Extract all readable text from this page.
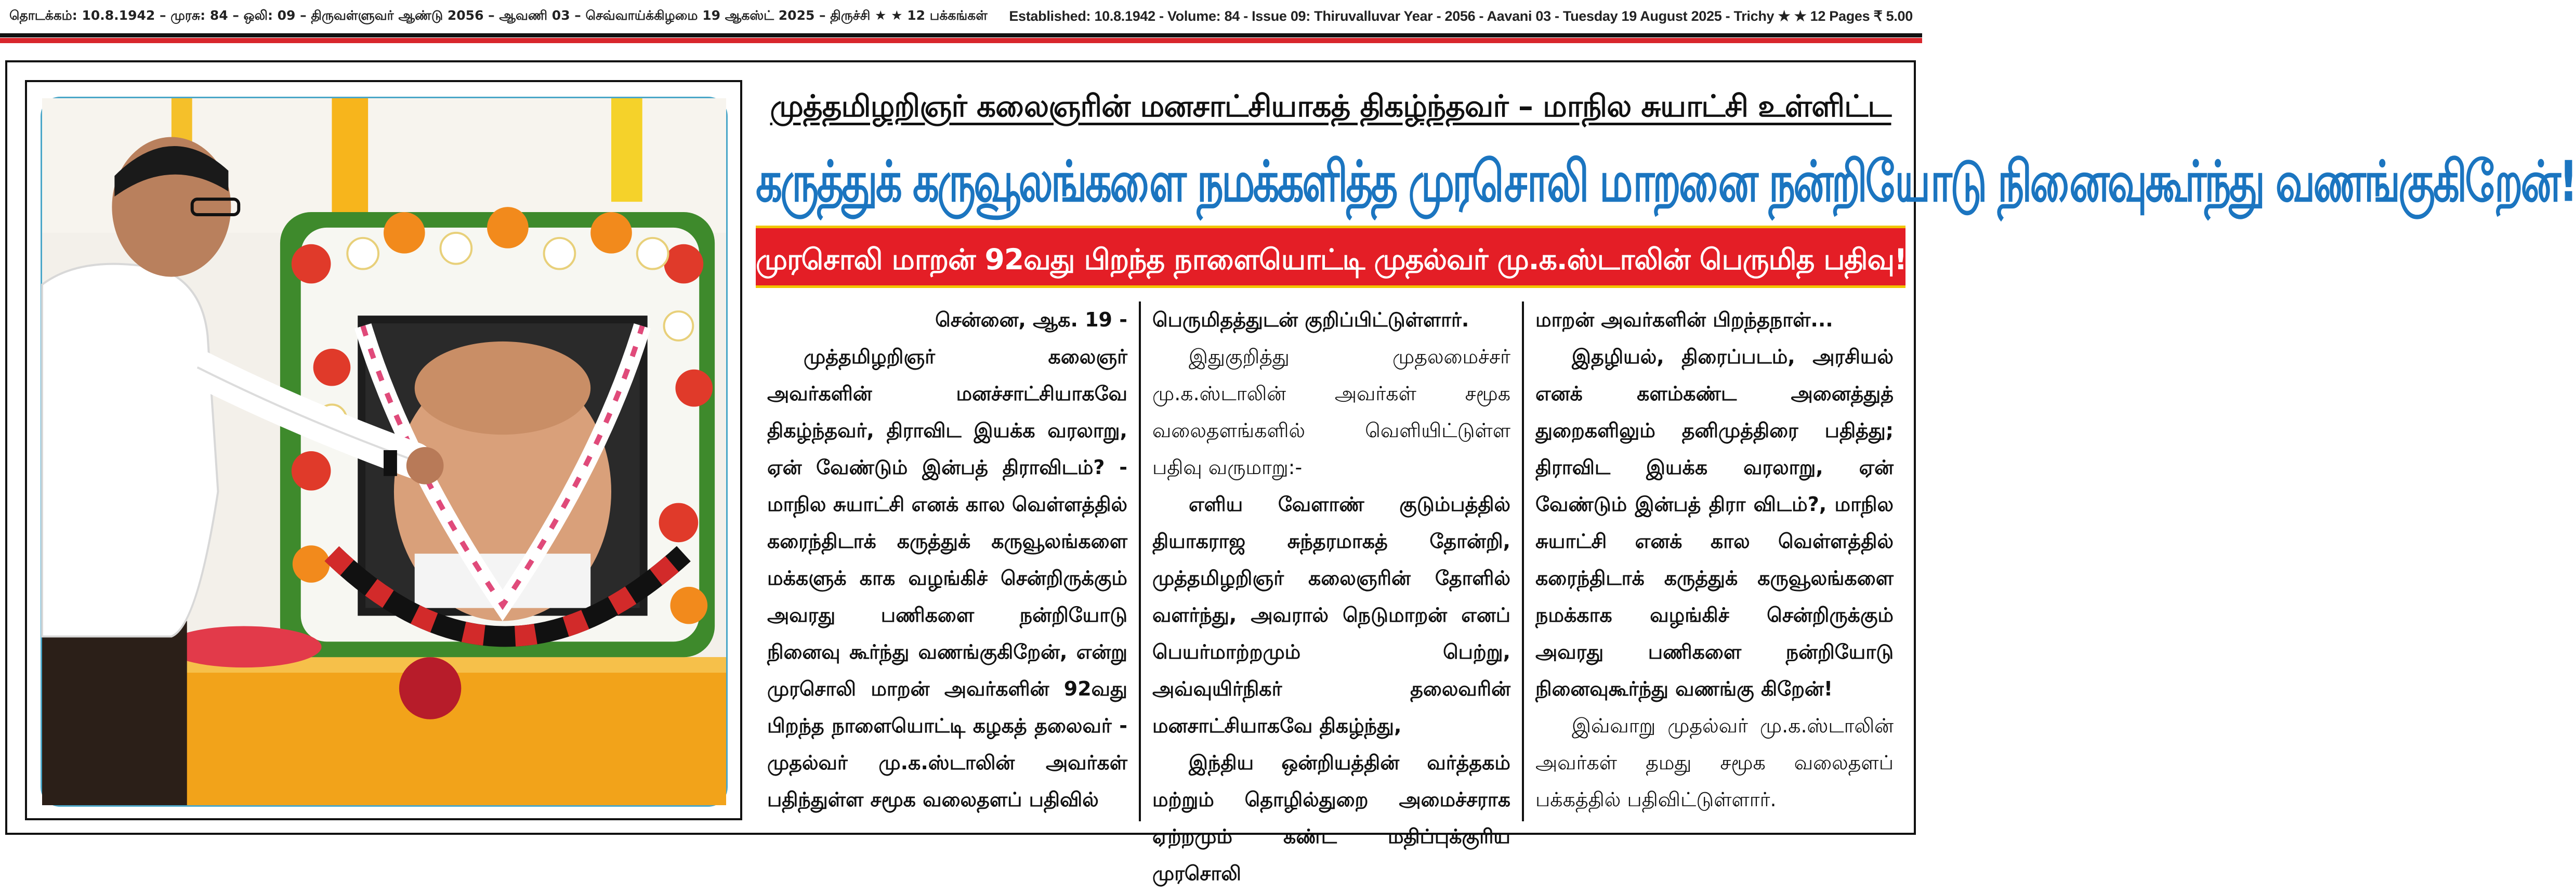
தொடக்கம்: 10.8.1942 – முரசு: 84 – ஒலி: 09 – திருவள்ளுவர் ஆண்டு 2056 – ஆவணி 03 – செவ்வாய்க்கிழமை 19 ஆகஸ்ட் 2025 – திருச்சி ★ ★ 12 பக்கங்கள் Established: 10.8.1942 - Volume: 84 - Issue 09: Thiruvalluvar Year - 2056 - Aavani 03 - Tuesday 19 August 2025 - Trichy ★ ★ 12 Pages ₹ 5.00
முத்தமிழறிஞர் கலைஞரின் மனசாட்சியாகத் திகழ்ந்தவர் – மாநில சுயாட்சி உள்ளிட்ட
கருத்துக் கருவூலங்களை நமக்களித்த முரசொலி மாறனை நன்றியோடு நினைவுகூர்ந்து வணங்குகிறேன்!
முரசொலி மாறன் 92வது பிறந்த நாளையொட்டி முதல்வர் மு.க.ஸ்டாலின் பெருமித பதிவு!

சென்னை, ஆக. 19 -

முத்தமிழறிஞர் கலைஞர் அவர்களின் மனச்சாட்சியாகவே திகழ்ந்தவர், திராவிட இயக்க வரலாறு, ஏன் வேண்டும் இன்பத் திராவிடம்? - மாநில சுயாட்சி எனக் கால வெள்ளத்தில் கரைந்திடாக் கருத்துக் கருவூலங்களை மக்களுக் காக வழங்கிச் சென்றிருக்கும் அவரது பணிகளை நன்றியோடு நினைவு கூர்ந்து வணங்குகிறேன், என்று முரசொலி மாறன் அவர்களின் 92வது பிறந்த நாளையொட்டி கழகத் தலைவர் - முதல்வர் மு.க.ஸ்டாலின் அவர்கள் பதிந்துள்ள சமூக வலைதளப் பதிவில்

பெருமிதத்துடன் குறிப்பிட்டுள்ளார்.

இதுகுறித்து முதலமைச்சர் மு.க.ஸ்டாலின் அவர்கள் சமூக வலைதளங்களில் வெளியிட்டுள்ள பதிவு வருமாறு:-

எளிய வேளாண் குடும்பத்தில் தியாகராஜ சுந்தரமாகத் தோன்றி, முத்தமிழறிஞர் கலைஞரின் தோளில் வளர்ந்து, அவரால் நெடுமாறன் எனப் பெயர்மாற்றமும் பெற்று, அவ்வுயிர்நிகர் தலைவரின் மனசாட்சியாகவே திகழ்ந்து,

இந்திய ஒன்றியத்தின் வர்த்தகம் மற்றும் தொழில்துறை அமைச்சராக ஏற்றமும் கண்ட மதிப்புக்குரிய முரசொலி

மாறன் அவர்களின் பிறந்தநாள்...

இதழியல், திரைப்படம், அரசியல் எனக் களம்கண்ட அனைத்துத் துறைகளிலும் தனிமுத்திரை பதித்து; திராவிட இயக்க வரலாறு, ஏன் வேண்டும் இன்பத் திரா விடம்?, மாநில சுயாட்சி எனக் கால வெள்ளத்தில் கரைந்திடாக் கருத்துக் கருவூலங்களை நமக்காக வழங்கிச் சென்றிருக்கும் அவரது பணிகளை நன்றியோடு நினைவுகூர்ந்து வணங்கு கிறேன்!

இவ்வாறு முதல்வர் மு.க.ஸ்டாலின் அவர்கள் தமது சமூக வலைதளப் பக்கத்தில் பதிவிட்டுள்ளார்.
